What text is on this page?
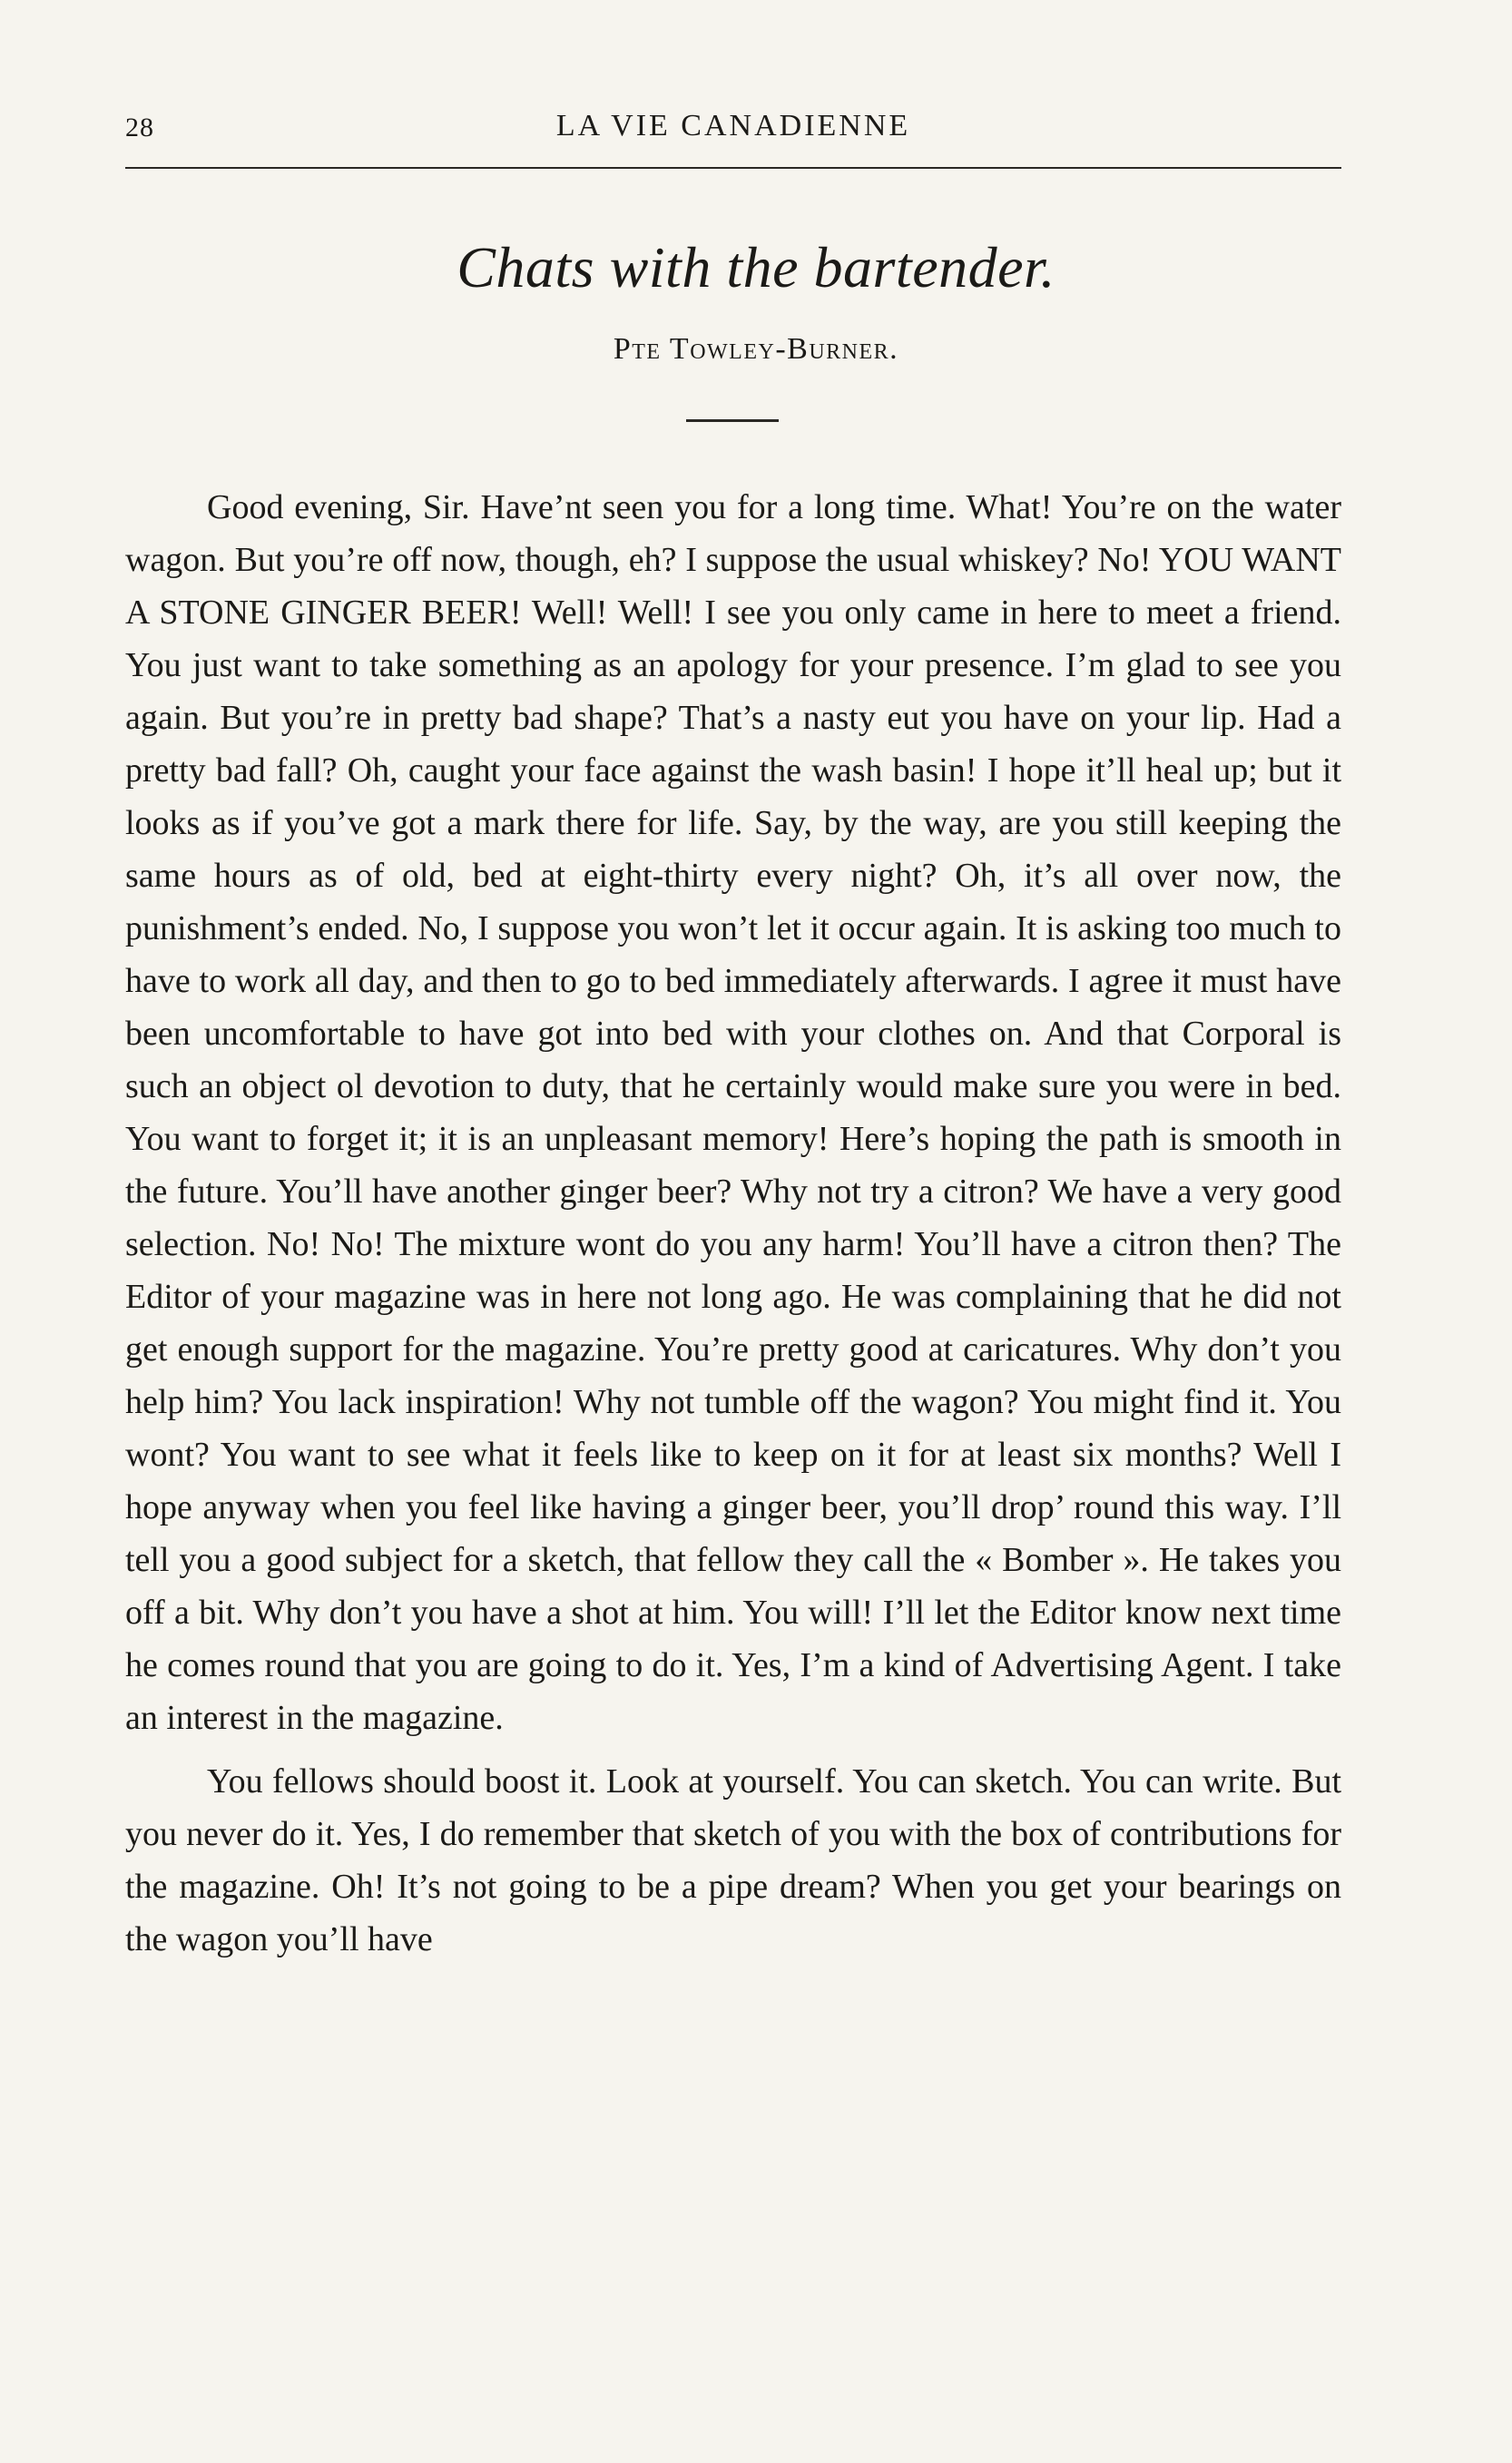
28	LA VIE CANADIENNE
Chats with the bartender.
Pte Towley-Burner.

Good evening, Sir. Have’nt seen you for a long time. What! You’re on the water wagon. But you’re off now, though, eh? I suppose the usual whiskey? No! YOU WANT A STONE GINGER BEER! Well! Well! I see you only came in here to meet a friend. You just want to take something as an apology for your presence. I’m glad to see you again. But you’re in pretty bad shape? That’s a nasty eut you have on your lip. Had a pretty bad fall? Oh, caught your face against the wash basin! I hope it’ll heal up; but it looks as if you’ve got a mark there for life. Say, by the way, are you still keeping the same hours as of old, bed at eight-thirty every night? Oh, it’s all over now, the punishment’s ended. No, I suppose you won’t let it occur again. It is asking too much to have to work all day, and then to go to bed immediately afterwards. I agree it must have been uncomfortable to have got into bed with your clothes on. And that Corporal is such an object ol devotion to duty, that he certainly would make sure you were in bed. You want to forget it; it is an unpleasant memory! Here’s hoping the path is smooth in the future. You’ll have another ginger beer? Why not try a citron? We have a very good selection. No! No! The mixture wont do you any harm! You’ll have a citron then? The Editor of your magazine was in here not long ago. He was complaining that he did not get enough support for the magazine. You’re pretty good at caricatures. Why don’t you help him? You lack inspiration! Why not tumble off the wagon? You might find it. You wont? You want to see what it feels like to keep on it for at least six months? Well I hope anyway when you feel like having a ginger beer, you’ll drop’ round this way. I’ll tell you a good subject for a sketch, that fellow they call the « Bomber ». He takes you off a bit. Why don’t you have a shot at him. You will! I’ll let the Editor know next time he comes round that you are going to do it. Yes, I’m a kind of Advertising Agent. I take an interest in the magazine.

You fellows should boost it. Look at yourself. You can sketch. You can write. But you never do it. Yes, I do remember that sketch of you with the box of contributions for the magazine. Oh! It’s not going to be a pipe dream? When you get your bearings on the wagon you’ll have
